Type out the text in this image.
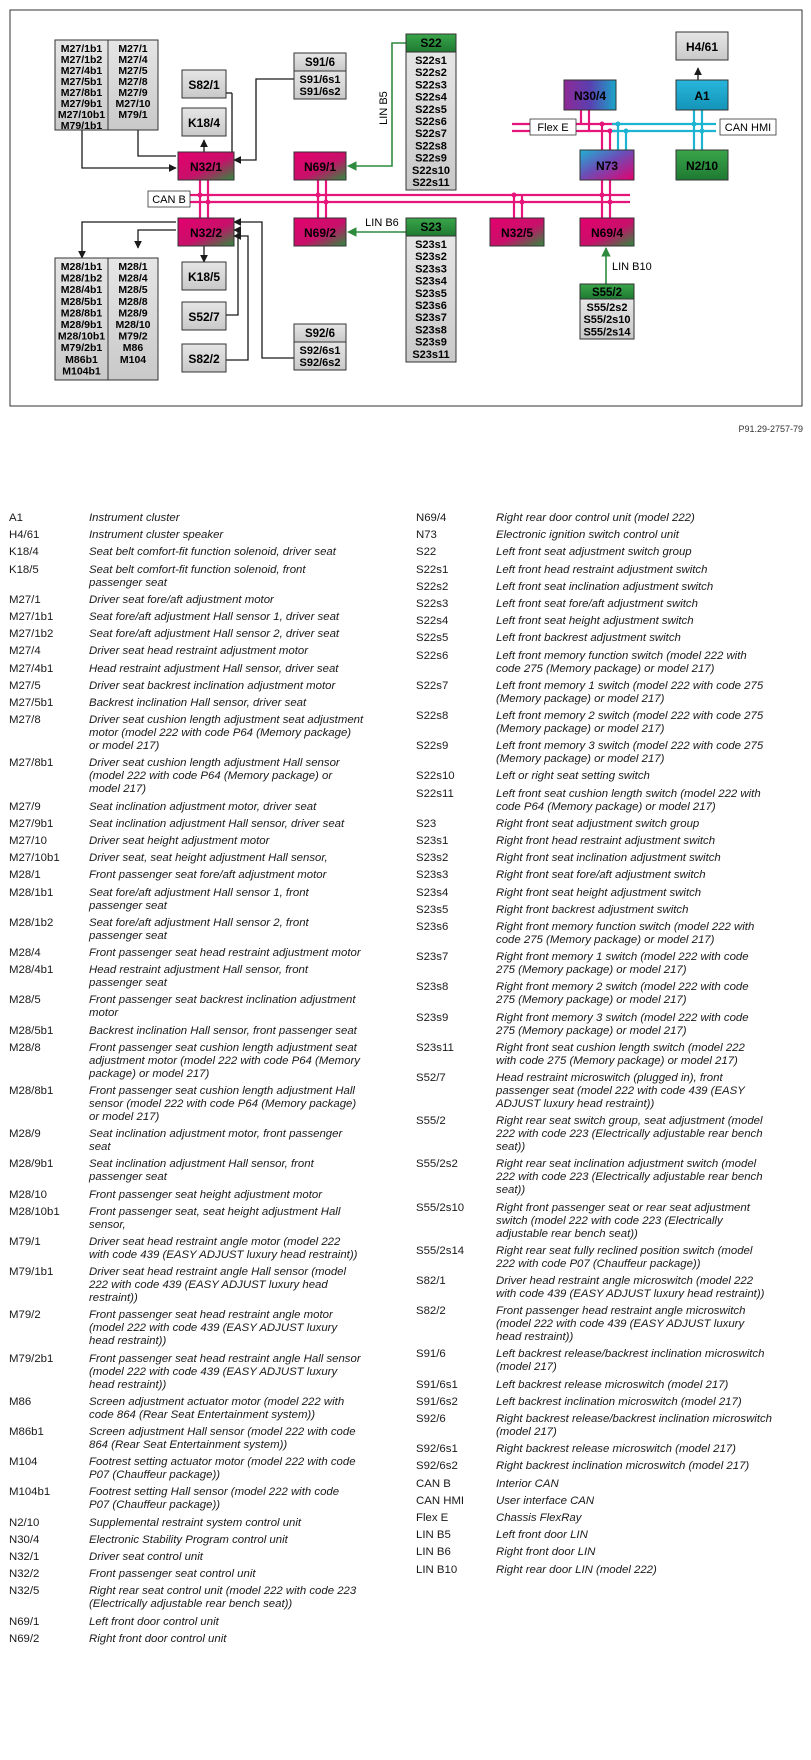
CAN B
Flex E	CAN HMI
LIN B5
LIN B6
LIN B10
M27/1b1
M27/1b2
M27/4b1
M27/5b1
M27/8b1
M27/9b1
M27/10b1
M79/1b1
M27/1
M27/4
M27/5
M27/8
M27/9
M27/10
M79/1
M28/1b1
M28/1b2
M28/4b1
M28/5b1
M28/8b1
M28/9b1
M28/10b1
M79/2b1
M86b1
M104b1
M28/1
M28/4
M28/5
M28/8
M28/9
M28/10
M79/2
M86
M104
S82/1
K18/4
K18/5
S52/7
S82/2
H4/61
S91/6
S91/6s1
S91/6s2
S92/6
S92/6s1
S92/6s2
S22
S22s1
S22s2
S22s3
S22s4
S22s5
S22s6
S22s7
S22s8
S22s9
S22s10
S22s11
S23
S23s1
S23s2
S23s3
S23s4
S23s5
S23s6
S23s7
S23s8
S23s9
S23s11
S55/2
S55/2s2
S55/2s10
S55/2s14
N32/1
N32/2
N69/1
N69/2	N32/5	N69/4
N30/4	A1
N73	N2/10
P91.29-2757-79
A1	Instrument cluster
H4/61	Instrument cluster speaker
K18/4	Seat belt comfort-fit function solenoid, driver seat
K18/5	Seat belt comfort-fit function solenoid, front
passenger seat
M27/1	Driver seat fore/aft adjustment motor
M27/1b1	Seat fore/aft adjustment Hall sensor 1, driver seat
M27/1b2	Seat fore/aft adjustment Hall sensor 2, driver seat
M27/4	Driver seat head restraint adjustment motor
M27/4b1	Head restraint adjustment Hall sensor, driver seat
M27/5	Driver seat backrest inclination adjustment motor
M27/5b1	Backrest inclination Hall sensor, driver seat
M27/8	Driver seat cushion length adjustment seat adjustment
motor (model 222 with code P64 (Memory package)
or model 217)
M27/8b1	Driver seat cushion length adjustment Hall sensor
(model 222 with code P64 (Memory package) or
model 217)
M27/9	Seat inclination adjustment motor, driver seat
M27/9b1	Seat inclination adjustment Hall sensor, driver seat
M27/10	Driver seat height adjustment motor
M27/10b1	Driver seat, seat height adjustment Hall sensor,
M28/1	Front passenger seat fore/aft adjustment motor
M28/1b1	Seat fore/aft adjustment Hall sensor 1, front
passenger seat
M28/1b2	Seat fore/aft adjustment Hall sensor 2, front
passenger seat
M28/4	Front passenger seat head restraint adjustment motor
M28/4b1	Head restraint adjustment Hall sensor, front
passenger seat
M28/5	Front passenger seat backrest inclination adjustment
motor
M28/5b1	Backrest inclination Hall sensor, front passenger seat
M28/8	Front passenger seat cushion length adjustment seat
adjustment motor (model 222 with code P64 (Memory
package) or model 217)
M28/8b1	Front passenger seat cushion length adjustment Hall
sensor (model 222 with code P64 (Memory package)
or model 217)
M28/9	Seat inclination adjustment motor, front passenger
seat
M28/9b1	Seat inclination adjustment Hall sensor, front
passenger seat
M28/10	Front passenger seat height adjustment motor
M28/10b1	Front passenger seat, seat height adjustment Hall
sensor,
M79/1	Driver seat head restraint angle motor (model 222
with code 439 (EASY ADJUST luxury head restraint))
M79/1b1	Driver seat head restraint angle Hall sensor (model
222 with code 439 (EASY ADJUST luxury head
restraint))
M79/2	Front passenger seat head restraint angle motor
(model 222 with code 439 (EASY ADJUST luxury
head restraint))
M79/2b1	Front passenger seat head restraint angle Hall sensor
(model 222 with code 439 (EASY ADJUST luxury
head restraint))
M86	Screen adjustment actuator motor (model 222 with
code 864 (Rear Seat Entertainment system))
M86b1	Screen adjustment Hall sensor (model 222 with code
864 (Rear Seat Entertainment system))
M104	Footrest setting actuator motor (model 222 with code
P07 (Chauffeur package))
M104b1	Footrest setting Hall sensor (model 222 with code
P07 (Chauffeur package))
N2/10	Supplemental restraint system control unit
N30/4	Electronic Stability Program control unit
N32/1	Driver seat control unit
N32/2	Front passenger seat control unit
N32/5	Right rear seat control unit (model 222 with code 223
(Electrically adjustable rear bench seat))
N69/1	Left front door control unit
N69/2	Right front door control unit
N69/4	Right rear door control unit (model 222)
N73	Electronic ignition switch control unit
S22	Left front seat adjustment switch group
S22s1	Left front head restraint adjustment switch
S22s2	Left front seat inclination adjustment switch
S22s3	Left front seat fore/aft adjustment switch
S22s4	Left front seat height adjustment switch
S22s5	Left front backrest adjustment switch
S22s6	Left front memory function switch (model 222 with
code 275 (Memory package) or model 217)
S22s7	Left front memory 1 switch (model 222 with code 275
(Memory package) or model 217)
S22s8	Left front memory 2 switch (model 222 with code 275
(Memory package) or model 217)
S22s9	Left front memory 3 switch (model 222 with code 275
(Memory package) or model 217)
S22s10	Left or right seat setting switch
S22s11	Left front seat cushion length switch (model 222 with
code P64 (Memory package) or model 217)
S23	Right front seat adjustment switch group
S23s1	Right front head restraint adjustment switch
S23s2	Right front seat inclination adjustment switch
S23s3	Right front seat fore/aft adjustment switch
S23s4	Right front seat height adjustment switch
S23s5	Right front backrest adjustment switch
S23s6	Right front memory function switch (model 222 with
code 275 (Memory package) or model 217)
S23s7	Right front memory 1 switch (model 222 with code
275 (Memory package) or model 217)
S23s8	Right front memory 2 switch (model 222 with code
275 (Memory package) or model 217)
S23s9	Right front memory 3 switch (model 222 with code
275 (Memory package) or model 217)
S23s11	Right front seat cushion length switch (model 222
with code 275 (Memory package) or model 217)
S52/7	Head restraint microswitch (plugged in), front
passenger seat (model 222 with code 439 (EASY
ADJUST luxury head restraint))
S55/2	Right rear seat switch group, seat adjustment (model
222 with code 223 (Electrically adjustable rear bench
seat))
S55/2s2	Right rear seat inclination adjustment switch (model
222 with code 223 (Electrically adjustable rear bench
seat))
S55/2s10	Right front passenger seat or rear seat adjustment
switch (model 222 with code 223 (Electrically
adjustable rear bench seat))
S55/2s14	Right rear seat fully reclined position switch (model
222 with code P07 (Chauffeur package))
S82/1	Driver head restraint angle microswitch (model 222
with code 439 (EASY ADJUST luxury head restraint))
S82/2	Front passenger head restraint angle microswitch
(model 222 with code 439 (EASY ADJUST luxury
head restraint))
S91/6	Left backrest release/backrest inclination microswitch
(model 217)
S91/6s1	Left backrest release microswitch (model 217)
S91/6s2	Left backrest inclination microswitch (model 217)
S92/6	Right backrest release/backrest inclination microswitch
(model 217)
S92/6s1	Right backrest release microswitch (model 217)
S92/6s2	Right backrest inclination microswitch (model 217)
CAN B	Interior CAN
CAN HMI	User interface CAN
Flex E	Chassis FlexRay
LIN B5	Left front door LIN
LIN B6	Right front door LIN
LIN B10	Right rear door LIN (model 222)
